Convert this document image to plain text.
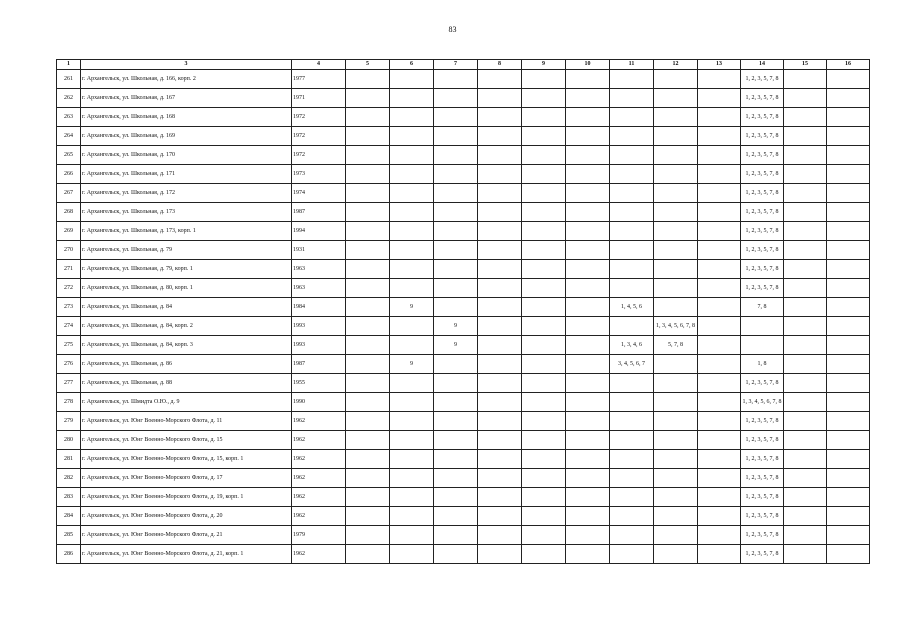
83
1	3	4	5	6	7	8	9	10	11	12	13	14	15	16
261	г. Архангельск, ул. Школьная, д. 166, корп. 2	1977										1, 2, 3, 5, 7, 8		
262	г. Архангельск, ул. Школьная, д. 167	1971										1, 2, 3, 5, 7, 8		
263	г. Архангельск, ул. Школьная, д. 168	1972										1, 2, 3, 5, 7, 8		
264	г. Архангельск, ул. Школьная, д. 169	1972										1, 2, 3, 5, 7, 8		
265	г. Архангельск, ул. Школьная, д. 170	1972										1, 2, 3, 5, 7, 8		
266	г. Архангельск, ул. Школьная, д. 171	1973										1, 2, 3, 5, 7, 8		
267	г. Архангельск, ул. Школьная, д. 172	1974										1, 2, 3, 5, 7, 8		
268	г. Архангельск, ул. Школьная, д. 173	1987										1, 2, 3, 5, 7, 8		
269	г. Архангельск, ул. Школьная, д. 173, корп. 1	1994										1, 2, 3, 5, 7, 8		
270	г. Архангельск, ул. Школьная, д. 79	1931										1, 2, 3, 5, 7, 8		
271	г. Архангельск, ул. Школьная, д. 79, корп. 1	1963										1, 2, 3, 5, 7, 8		
272	г. Архангельск, ул. Школьная, д. 80, корп. 1	1963										1, 2, 3, 5, 7, 8		
273	г. Архангельск, ул. Школьная, д. 84	1984		9					1, 4, 5, 6			7, 8		
274	г. Архангельск, ул. Школьная, д. 84, корп. 2	1993			9					1, 3, 4, 5, 6, 7, 8				
275	г. Архангельск, ул. Школьная, д. 84, корп. 3	1993			9				1, 3, 4, 6	5, 7, 8				
276	г. Архангельск, ул. Школьная, д. 86	1987		9					3, 4, 5, 6, 7			1, 8		
277	г. Архангельск, ул. Школьная, д. 88	1955										1, 2, 3, 5, 7, 8		
278	г. Архангельск, ул. Шмидта О.Ю., д. 9	1990										1, 3, 4, 5, 6, 7, 8		
279	г. Архангельск, ул. Юнг Военно-Морского Флота, д. 11	1962										1, 2, 3, 5, 7, 8		
280	г. Архангельск, ул. Юнг Военно-Морского Флота, д. 15	1962										1, 2, 3, 5, 7, 8		
281	г. Архангельск, ул. Юнг Военно-Морского Флота, д. 15, корп. 1	1962										1, 2, 3, 5, 7, 8		
282	г. Архангельск, ул. Юнг Военно-Морского Флота, д. 17	1962										1, 2, 3, 5, 7, 8		
283	г. Архангельск, ул. Юнг Военно-Морского Флота, д. 19, корп. 1	1962										1, 2, 3, 5, 7, 8		
284	г. Архангельск, ул. Юнг Военно-Морского Флота, д. 20	1962										1, 2, 3, 5, 7, 8		
285	г. Архангельск, ул. Юнг Военно-Морского Флота, д. 21	1979										1, 2, 3, 5, 7, 8		
286	г. Архангельск, ул. Юнг Военно-Морского Флота, д. 21, корп. 1	1962										1, 2, 3, 5, 7, 8		
